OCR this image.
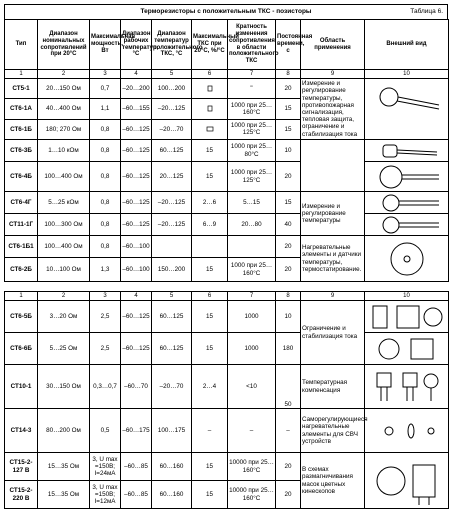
Терморезисторы с положительным ТКС - позисторы	Таблица 6.
Тип	Диапазон номинальных сопротивлений при 20°С	Максимальная мощность, Вт	Диапазон рабочих температур, °С	Диапазон температур положительного ТКС, °С	Максимальный ТКС при 20°С, %/°С	Кратность изменения сопротивления в области положительного ТКС	Постоянная времени, с	Область применения	Внешний вид
1	2	3	4	5	6	7	8	9	10
СТ5-1	20…150 Ом	0,7	–20…200	100…200		"	20	Измерение и регулирование температуры, противопожарная сигнализация, тепловая защита, ограничение и стабилизация тока	

СТ6-1А	40…400 Ом	1,1	–60…155	–20…125		1000 при 25…160°С	15		
СТ6-1Б	180; 270 Ом	0,8	–60…125	–20…70		1000 при 25…125°С	15		
СТ6-3Б	1…10 кОм	0,8	–60…125	60…125	15	1000 при 25…80°С	10		

СТ6-4Б	100…400 Ом	0,8	–60…125	20…125	15	1000 при 25…125°С	20	

СТ6-4Г	5…25 кОм	0,8	–60…125	–20…125	2…6	5…15	15	Измерение и регулирование температуры	

СТ11-1Г	100…300 Ом	0,8	–60…125	–20…125	6…9	20…80	40	

СТ6-1Б1	100…400 Ом	0,8	–60…100				20	Нагревательные элементы и датчики температуры, термостатирование.	

СТ6-2Б	10…100 Ом	1,3	–60…100	150…200	15	1000 при 25…160°С	20		
1	2	3	4	5	6	7	8	9	10
СТ6-5Б	3…20 Ом	2,5	–60…125	60…125	15	1000	10	Ограничение и стабилизация тока	

СТ6-6Б	5…25 Ом	2,5	–60…125	60…125	15	1000	180	

СТ10-1	30…150 Ом	0,3…0,7	–60…70	–20…70	2…4	<10	50	Температурная компенсация	

СТ14-3	80…200 Ом	0,5	–60…175	100…175	–	–	–	Саморегулирующиеся нагревательные элементы для СВЧ устройств	

СТ15-2-127 В	15…35 Ом	3, U max =150В; I=24мА	–60…85	60…160	15	10000 при 25…160°С	20	В схемах размагничивания масок цветных кинескопов	

СТ15-2-220 В	15…35 Ом	3, U max =150В; I=12мА	–60…85	60…160	15	10000 при 25…160°С	20		
